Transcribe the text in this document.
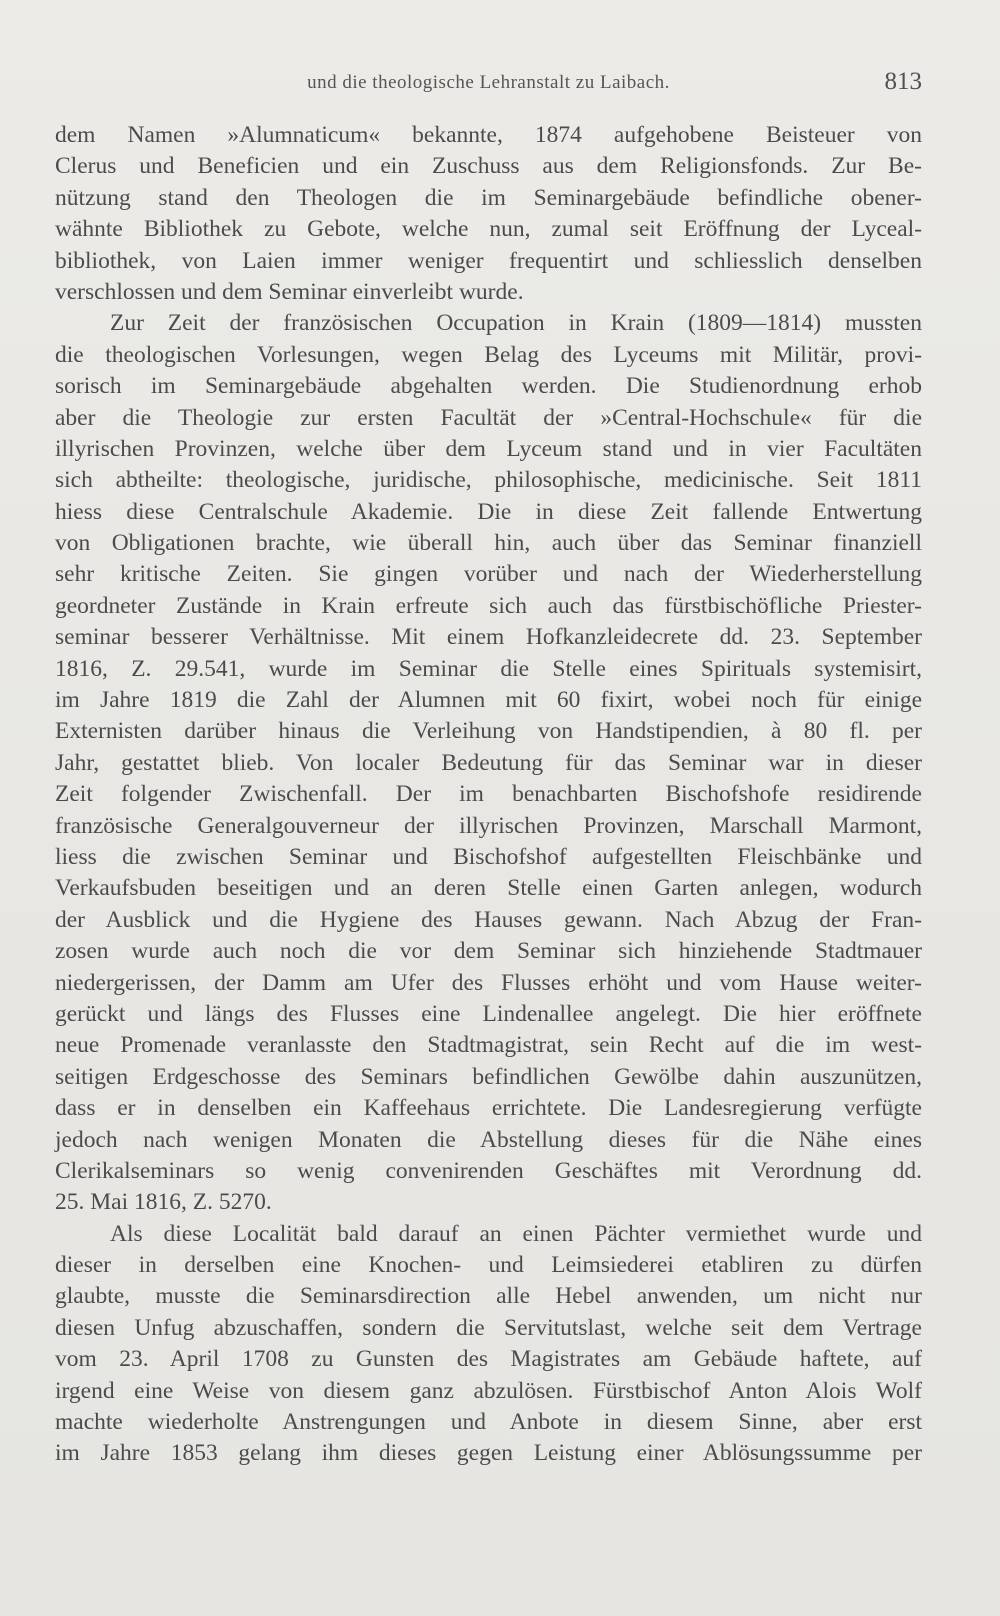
und die theologische Lehranstalt zu Laibach.	813
dem Namen »Alumnaticum« bekannte, 1874 aufgehobene Beisteuer von
Clerus und Beneficien und ein Zuschuss aus dem Religionsfonds. Zur Be-
nützung stand den Theologen die im Seminargebäude befindliche obener-
wähnte Bibliothek zu Gebote, welche nun, zumal seit Eröffnung der Lyceal-
bibliothek, von Laien immer weniger frequentirt und schliesslich denselben
verschlossen und dem Seminar einverleibt wurde.
Zur Zeit der französischen Occupation in Krain (1809—1814) mussten
die theologischen Vorlesungen, wegen Belag des Lyceums mit Militär, provi-
sorisch im Seminargebäude abgehalten werden. Die Studienordnung erhob
aber die Theologie zur ersten Facultät der »Central-Hochschule« für die
illyrischen Provinzen, welche über dem Lyceum stand und in vier Facultäten
sich abtheilte: theologische, juridische, philosophische, medicinische. Seit 1811
hiess diese Centralschule Akademie. Die in diese Zeit fallende Entwertung
von Obligationen brachte, wie überall hin, auch über das Seminar finanziell
sehr kritische Zeiten. Sie gingen vorüber und nach der Wiederherstellung
geordneter Zustände in Krain erfreute sich auch das fürstbischöfliche Priester-
seminar besserer Verhältnisse. Mit einem Hofkanzleidecrete dd. 23. September
1816, Z. 29.541, wurde im Seminar die Stelle eines Spirituals systemisirt,
im Jahre 1819 die Zahl der Alumnen mit 60 fixirt, wobei noch für einige
Externisten darüber hinaus die Verleihung von Handstipendien, à 80 fl. per
Jahr, gestattet blieb. Von localer Bedeutung für das Seminar war in dieser
Zeit folgender Zwischenfall. Der im benachbarten Bischofshofe residirende
französische Generalgouverneur der illyrischen Provinzen, Marschall Marmont,
liess die zwischen Seminar und Bischofshof aufgestellten Fleischbänke und
Verkaufsbuden beseitigen und an deren Stelle einen Garten anlegen, wodurch
der Ausblick und die Hygiene des Hauses gewann. Nach Abzug der Fran-
zosen wurde auch noch die vor dem Seminar sich hinziehende Stadtmauer
niedergerissen, der Damm am Ufer des Flusses erhöht und vom Hause weiter-
gerückt und längs des Flusses eine Lindenallee angelegt. Die hier eröffnete
neue Promenade veranlasste den Stadtmagistrat, sein Recht auf die im west-
seitigen Erdgeschosse des Seminars befindlichen Gewölbe dahin auszunützen,
dass er in denselben ein Kaffeehaus errichtete. Die Landesregierung verfügte
jedoch nach wenigen Monaten die Abstellung dieses für die Nähe eines
Clerikalseminars so wenig convenirenden Geschäftes mit Verordnung dd.
25. Mai 1816, Z. 5270.
Als diese Localität bald darauf an einen Pächter vermiethet wurde und
dieser in derselben eine Knochen- und Leimsiederei etabliren zu dürfen
glaubte, musste die Seminarsdirection alle Hebel anwenden, um nicht nur
diesen Unfug abzuschaffen, sondern die Servitutslast, welche seit dem Vertrage
vom 23. April 1708 zu Gunsten des Magistrates am Gebäude haftete, auf
irgend eine Weise von diesem ganz abzulösen. Fürstbischof Anton Alois Wolf
machte wiederholte Anstrengungen und Anbote in diesem Sinne, aber erst
im Jahre 1853 gelang ihm dieses gegen Leistung einer Ablösungssumme per
